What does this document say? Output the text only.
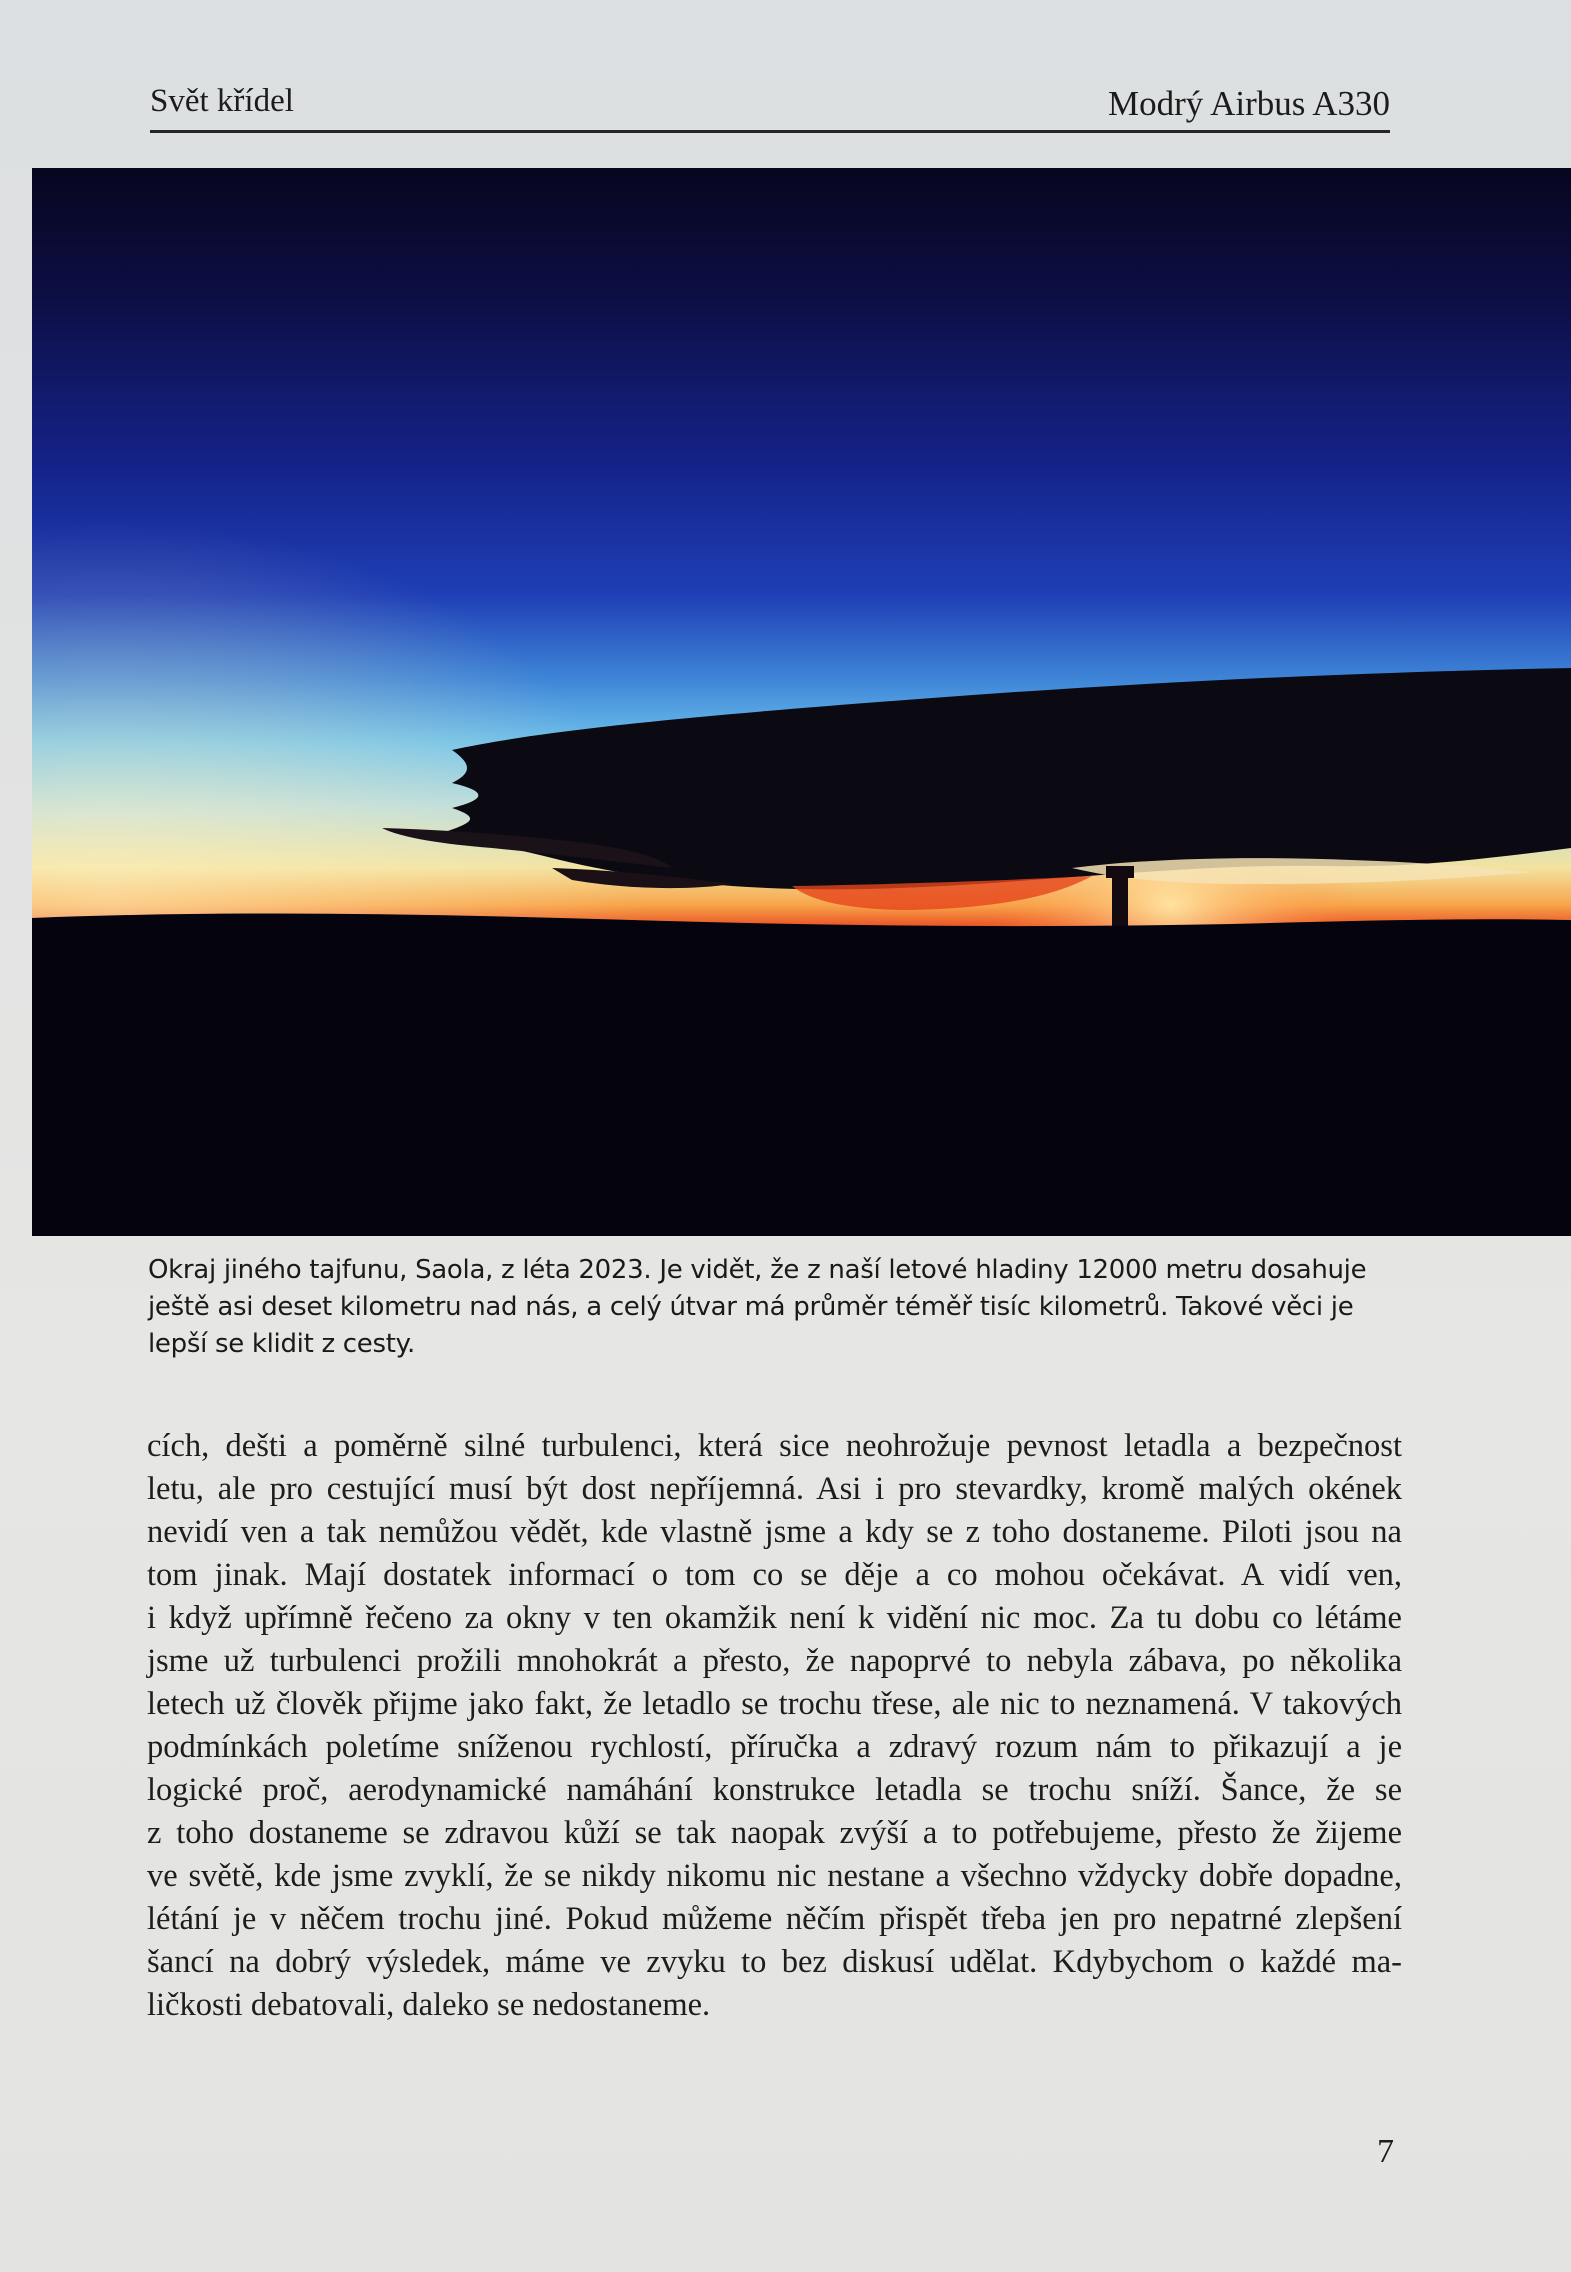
Svět křídel	Modrý Airbus A330
Okraj jiného tajfunu, Saola, z léta 2023. Je vidět, že z naší letové hladiny 12000 metru dosahuje ještě asi deset kilometru nad nás, a celý útvar má průměr téměř tisíc kilometrů. Takové věci je lepší se klidit z cesty.
cích, dešti a poměrně silné turbulenci, která sice neohrožuje pevnost letadla a bezpečnost
letu, ale pro cestující musí být dost nepříjemná. Asi i pro stevardky, kromě malých okének
nevidí ven a tak nemůžou vědět, kde vlastně jsme a kdy se z toho dostaneme. Piloti jsou na
tom jinak. Mají dostatek informací o tom co se děje a co mohou očekávat. A vidí ven,
i když upřímně řečeno za okny v ten okamžik není k vidění nic moc. Za tu dobu co létáme
jsme už turbulenci prožili mnohokrát a přesto, že napoprvé to nebyla zábava, po několika
letech už člověk přijme jako fakt, že letadlo se trochu třese, ale nic to neznamená. V takových
podmínkách poletíme sníženou rychlostí, příručka a zdravý rozum nám to přikazují a je
logické proč, aerodynamické namáhání konstrukce letadla se trochu sníží. Šance, že se
z toho dostaneme se zdravou kůží se tak naopak zvýší a to potřebujeme, přesto že žijeme
ve světě, kde jsme zvyklí, že se nikdy nikomu nic nestane a všechno vždycky dobře dopadne,
létání je v něčem trochu jiné. Pokud můžeme něčím přispět třeba jen pro nepatrné zlepšení
šancí na dobrý výsledek, máme ve zvyku to bez diskusí udělat. Kdybychom o každé ma-
ličkosti debatovali, daleko se nedostaneme.
7
